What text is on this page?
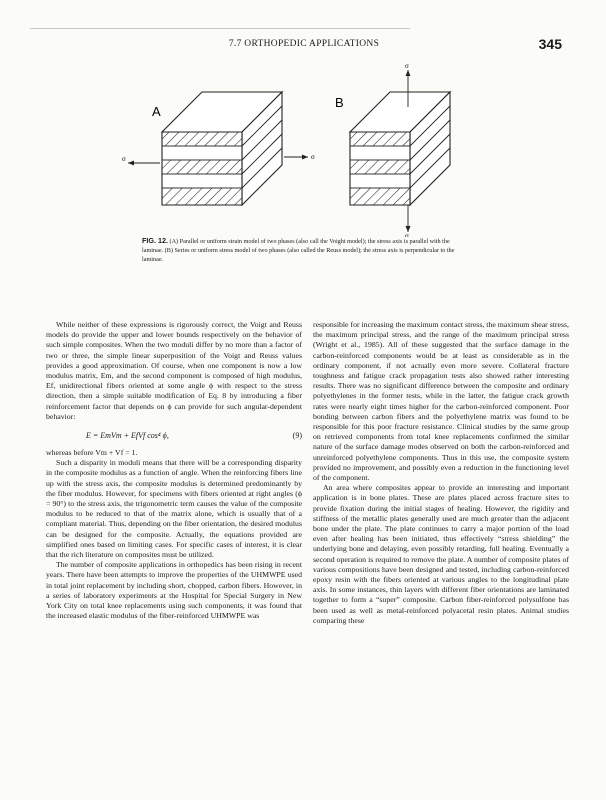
7.7 ORTHOPEDIC APPLICATIONS	345
σ	σ
σ
σ
A
B
FIG. 12. (A) Parallel or uniform strain model of two phases (also call the Voight model); the stress axis is parallel with the laminae. (B) Series or uniform stress model of two phases (also called the Reuss model); the stress axis is perpendicular to the laminae.

While neither of these expressions is rigorously correct, the Voigt and Reuss models do provide the upper and lower bounds respectively on the behavior of such simple composites. When the two moduli differ by no more than a factor of two or three, the simple linear superposition of the Voigt and Reuss values provides a good approximation. Of course, when one component is now a low modulus matrix, Em, and the second component is composed of high modulus, Ef, unidirectional fibers oriented at some angle ϕ with respect to the stress direction, then a simple suitable modification of Eq. 8 by introducing a fiber reinforcement factor that depends on ϕ can provide for such angular-dependent behavior:

E = EmVm + EfVf cos⁴ ϕ,	(9)

whereas before Vm + Vf = 1.

Such a disparity in moduli means that there will be a corresponding disparity in the composite modulus as a function of angle. When the reinforcing fibers line up with the stress axis, the composite modulus is determined predominantly by the fiber modulus. However, for specimens with fibers oriented at right angles (ϕ = 90°) to the stress axis, the trigonometric term causes the value of the composite modulus to be reduced to that of the matrix alone, which is usually that of a compliant material. Thus, depending on the fiber orientation, the desired modulus can be designed for the composite. Actually, the equations provided are simplified ones based on limiting cases. For specific cases of interest, it is clear that the rich literature on composites must be utilized.

The number of composite applications in orthopedics has been rising in recent years. There have been attempts to improve the properties of the UHMWPE used in total joint replacement by including short, chopped, carbon fibers. However, in a series of laboratory experiments at the Hospital for Special Surgery in New York City on total knee replacements using such components, it was found that the increased elastic modulus of the fiber-reinforced UHMWPE was

responsible for increasing the maximum contact stress, the maximum shear stress, the maximum principal stress, and the range of the maximum principal stress (Wright et al., 1985). All of these suggested that the surface damage in the carbon-reinforced components would be at least as considerable as in the ordinary component, if not actually even more severe. Collateral fracture toughness and fatigue crack propagation tests also showed rather interesting results. There was no significant difference between the composite and ordinary polyethylenes in the former tests, while in the latter, the fatigue crack growth rates were nearly eight times higher for the carbon-reinforced component. Poor bonding between carbon fibers and the polyethylene matrix was found to be responsible for this poor fracture resistance. Clinical studies by the same group on retrieved components from total knee replacements confirmed the similar nature of the surface damage modes observed on both the carbon-reinforced and unreinforced polyethylene components. Thus in this use, the composite system provided no improvement, and possibly even a reduction in the functioning level of the component.

An area where composites appear to provide an interesting and important application is in bone plates. These are plates placed across fracture sites to provide fixation during the initial stages of healing. However, the rigidity and stiffness of the metallic plates generally used are much greater than the adjacent bone under the plate. The plate continues to carry a major portion of the load even after healing has been initiated, thus effectively “stress shielding” the underlying bone and delaying, even possibly retarding, full healing. Eventually a second operation is required to remove the plate. A number of composite plates of various compositions have been designed and tested, including carbon-reinforced epoxy resin with the fibers oriented at various angles to the longitudinal plate axis. In some instances, thin layers with different fiber orientations are laminated together to form a “super” composite. Carbon fiber-reinforced polysulfone has been used as well as metal-reinforced polyacetal resin plates. Animal studies comparing these
